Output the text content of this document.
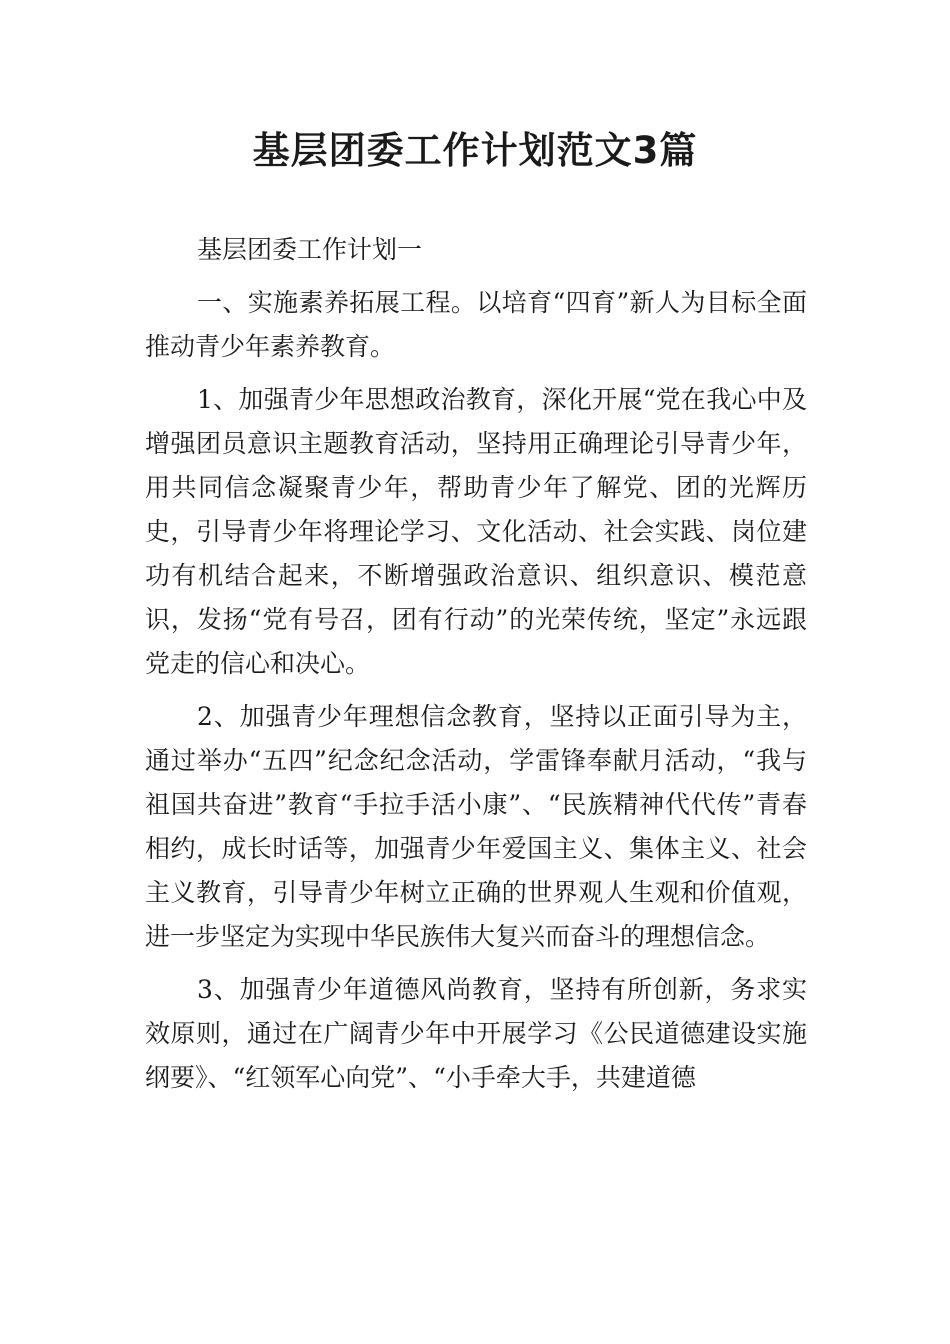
基层团委工作计划范文3篇

基层团委工作计划一

一、实施素养拓展工程。以培育“四育”新人为目标全面推动青少年素养教育。

1、加强青少年思想政治教育，深化开展“党在我心中及增强团员意识主题教育活动，坚持用正确理论引导青少年，用共同信念凝聚青少年，帮助青少年了解党、团的光辉历史，引导青少年将理论学习、文化活动、社会实践、岗位建功有机结合起来，不断增强政治意识、组织意识、模范意识，发扬“党有号召，团有行动”的光荣传统，坚定”永远跟党走的信心和决心。

2、加强青少年理想信念教育，坚持以正面引导为主，通过举办“五四”纪念纪念活动，学雷锋奉献月活动，“我与祖国共奋进”教育“手拉手活小康”、“民族精神代代传”青春相约，成长时话等，加强青少年爱国主义、集体主义、社会主义教育，引导青少年树立正确的世界观人生观和价值观，进一步坚定为实现中华民族伟大复兴而奋斗的理想信念。

3、加强青少年道德风尚教育，坚持有所创新，务求实效原则，通过在广阔青少年中开展学习《公民道德建设实施纲要》、“红领军心向党”、“小手牵大手，共建道德
